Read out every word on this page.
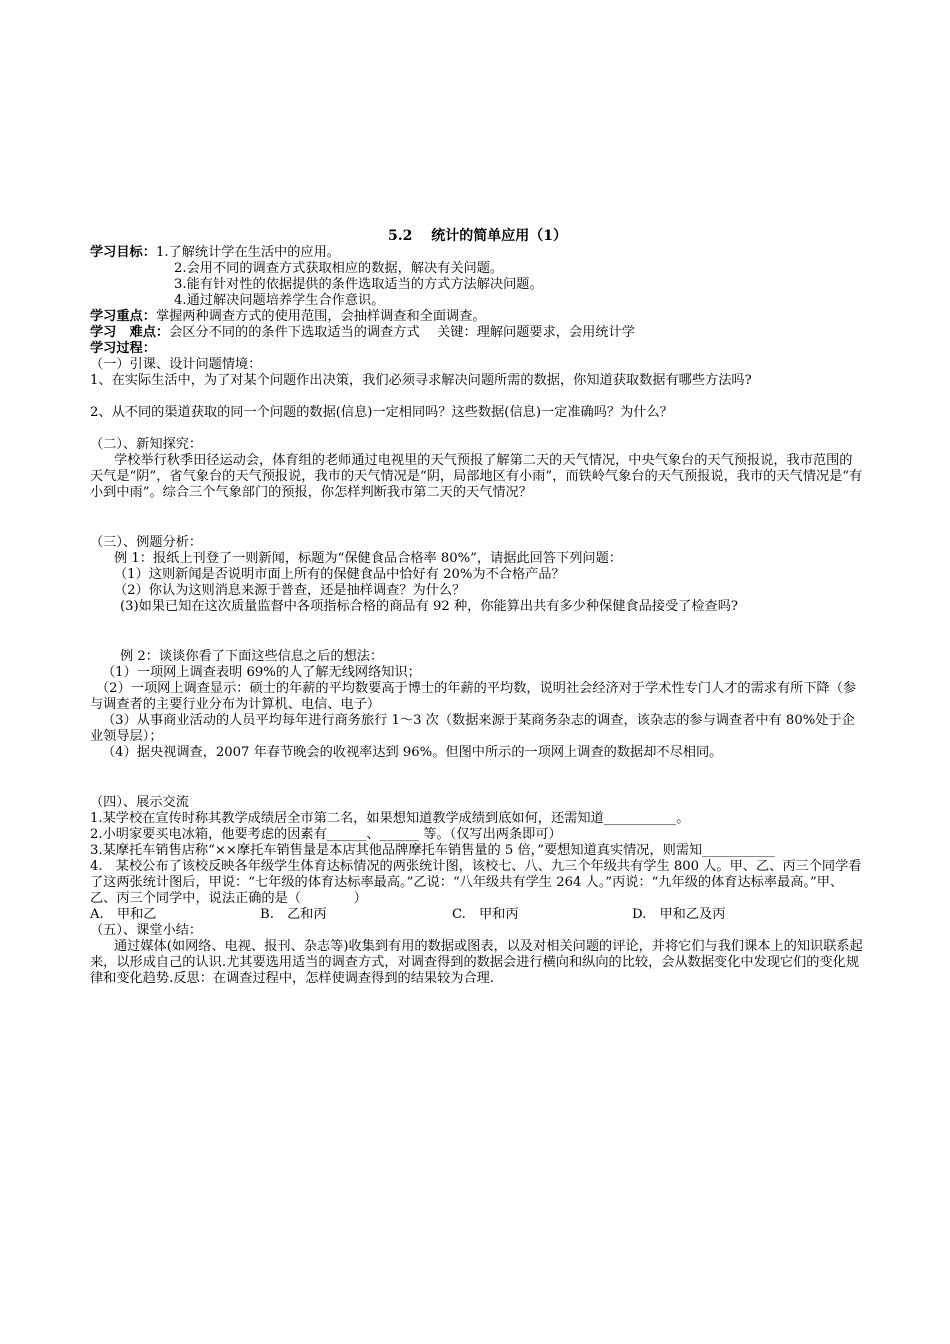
5.2　 统计的简单应用（1）
学习目标：1.了解统计学在生活中的应用。
2.会用不同的调查方式获取相应的数据，解决有关问题。
3.能有针对性的依据提供的条件选取适当的方式方法解决问题。
4.通过解决问题培养学生合作意识。
学习重点：掌握两种调查方式的使用范围，会抽样调查和全面调查。
学习　难点：会区分不同的的条件下选取适当的调查方式　 关键：理解问题要求，会用统计学
学习过程：
（一）引课、设计问题情境：
1、在实际生活中，为了对某个问题作出决策，我们必须寻求解决问题所需的数据，你知道获取数据有哪些方法吗?
2、从不同的渠道获取的同一个问题的数据(信息)一定相同吗？这些数据(信息)一定准确吗？为什么？
（二）、新知探究：
学校举行秋季田径运动会，体育组的老师通过电视里的天气预报了解第二天的天气情况，中央气象台的天气预报说，我市范围的天气是“阴”，省气象台的天气预报说，我市的天气情况是“阴，局部地区有小雨”，而铁岭气象台的天气预报说，我市的天气情况是“有小到中雨”。综合三个气象部门的预报，你怎样判断我市第二天的天气情况？
（三）、例题分析：
例 1：报纸上刊登了一则新闻，标题为“保健食品合格率 80%”，请据此回答下列问题：
（1）这则新闻是否说明市面上所有的保健食品中恰好有 20%为不合格产品？
（2）你认为这则消息来源于普查，还是抽样调查？为什么？
(3)如果已知在这次质量监督中各项指标合格的商品有 92 种，你能算出共有多少种保健食品接受了检查吗?
例 2：谈谈你看了下面这些信息之后的想法：
（1）一项网上调查表明 69%的人了解无线网络知识；
（2）一项网上调查显示：硕士的年薪的平均数要高于博士的年薪的平均数，说明社会经济对于学术性专门人才的需求有所下降（参与调查者的主要行业分布为计算机、电信、电子）
（3）从事商业活动的人员平均每年进行商务旅行 1～3 次（数据来源于某商务杂志的调查，该杂志的参与调查者中有 80%处于企业领导层）；
（4）据央视调查，2007 年春节晚会的收视率达到 96%。但图中所示的一项网上调查的数据却不尽相同。
（四）、展示交流
1.某学校在宣传时称其教学成绩居全市第二名，如果想知道教学成绩到底如何，还需知道___________。
2.小明家要买电冰箱，他要考虑的因素有______、______ 等。（仅写出两条即可）
3.某摩托车销售店称“××摩托车销售量是本店其他品牌摩托车销售量的 5 倍，”要想知道真实情况，则需知___________
4.　某校公布了该校反映各年级学生体育达标情况的两张统计图，该校七、八、九三个年级共有学生 800 人。甲、乙、丙三个同学看了这两张统计图后，甲说：“七年级的体育达标率最高。”乙说：“八年级共有学生 264 人。”丙说：“九年级的体育达标率最高。”甲、乙、丙三个同学中，说法正确的是（　　　　）
A.　甲和乙	B.　乙和丙	C.　甲和丙	D.　甲和乙及丙
（五）、课堂小结：
通过媒体(如网络、电视、报刊、杂志等)收集到有用的数据或图表，以及对相关问题的评论，并将它们与我们课本上的知识联系起来，以形成自己的认识.尤其要选用适当的调查方式，对调查得到的数据会进行横向和纵向的比较，会从数据变化中发现它们的变化规律和变化趋势.反思：在调查过程中，怎样使调查得到的结果较为合理.
